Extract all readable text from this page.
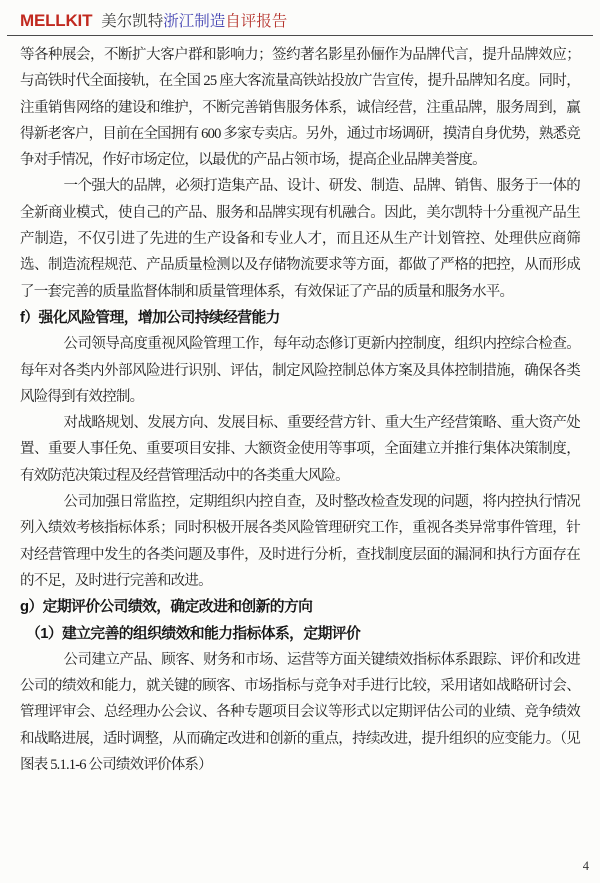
MELLKIT 美尔凯特浙江制造自评报告

等各种展会，不断扩大客户群和影响力；签约著名影星孙俪作为品牌代言，提升品牌效应；与高铁时代全面接轨，在全国 25 座大客流量高铁站投放广告宣传，提升品牌知名度。同时，注重销售网络的建设和维护，不断完善销售服务体系，诚信经营，注重品牌，服务周到，赢得新老客户，目前在全国拥有 600 多家专卖店。另外，通过市场调研，摸清自身优势，熟悉竞争对手情况，作好市场定位，以最优的产品占领市场，提高企业品牌美誉度。

一个强大的品牌，必须打造集产品、设计、研发、制造、品牌、销售、服务于一体的全新商业模式，使自己的产品、服务和品牌实现有机融合。因此，美尔凯特十分重视产品生产制造，不仅引进了先进的生产设备和专业人才，而且还从生产计划管控、处理供应商筛选、制造流程规范、产品质量检测以及存储物流要求等方面，都做了严格的把控，从而形成了一套完善的质量监督体制和质量管理体系，有效保证了产品的质量和服务水平。

f）强化风险管理，增加公司持续经营能力

公司领导高度重视风险管理工作，每年动态修订更新内控制度，组织内控综合检查。每年对各类内外部风险进行识别、评估，制定风险控制总体方案及具体控制措施，确保各类风险得到有效控制。

对战略规划、发展方向、发展目标、重要经营方针、重大生产经营策略、重大资产处置、重要人事任免、重要项目安排、大额资金使用等事项，全面建立并推行集体决策制度，有效防范决策过程及经营管理活动中的各类重大风险。

公司加强日常监控，定期组织内控自查，及时整改检查发现的问题，将内控执行情况列入绩效考核指标体系；同时积极开展各类风险管理研究工作，重视各类异常事件管理，针对经营管理中发生的各类问题及事件，及时进行分析，查找制度层面的漏洞和执行方面存在的不足，及时进行完善和改进。

g）定期评价公司绩效，确定改进和创新的方向
（1）建立完善的组织绩效和能力指标体系，定期评价

公司建立产品、顾客、财务和市场、运营等方面关键绩效指标体系跟踪、评价和改进公司的绩效和能力，就关键的顾客、市场指标与竞争对手进行比较，采用诸如战略研讨会、管理评审会、总经理办公会议、各种专题项目会议等形式以定期评估公司的业绩、竞争绩效和战略进展，适时调整，从而确定改进和创新的重点，持续改进，提升组织的应变能力。（见图表 5.1.1-6 公司绩效评价体系）

4
